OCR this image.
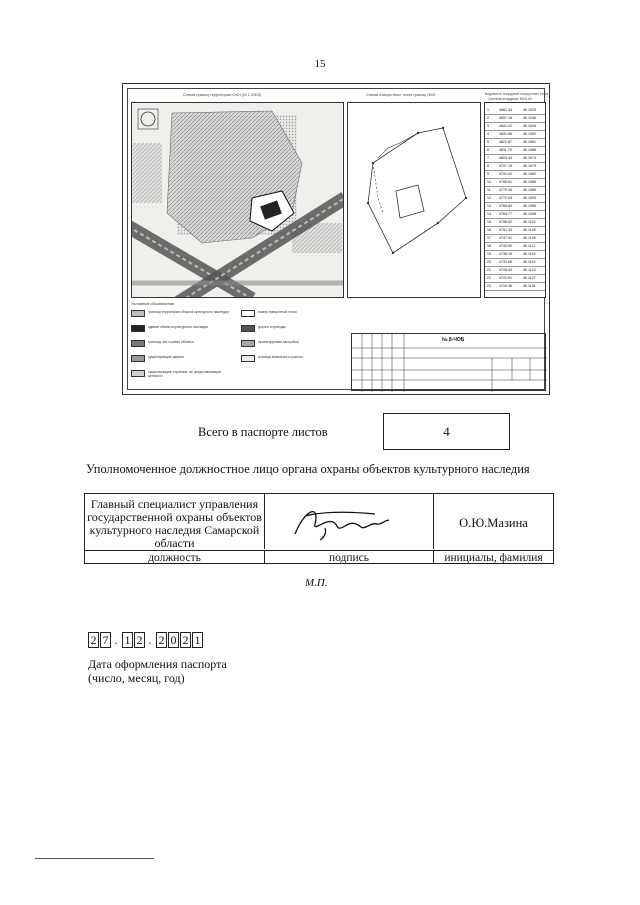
15
Схема границ территории ОКН (М 1:2000)	Схема поворотных точек границ ОКН	Ведомость координат поворотных точек
Система координат МСК-63
1	4861.34	46 1029
2	4857.16	46 1036
3	4841.02	46 1044
4	4831.96	46 1052
5	4822.87	46 1061
6	4811.70	46 1068
7	4803.44	46 1074
8	4797.15	46 1079
9	4791.02	46 1082
10 4785.61	46 1085
11 4779.25	46 1089
12 4772.03	46 1093
13 4768.84	46 1096
14 4763.77	46 1098
15 4758.02	46 1102
16 4751.33	46 1105
17 4747.91	46 1109
18 4742.50	46 1112
19 4738.19	46 1115
20 4733.06	46 1119
21 4728.44	46 1123
22 4722.91	46 1127
23 4719.36	46 1131
Условные обозначения
граница территории объекта культурного наследия
здание объекта культурного наследия
границы зон охраны объекта
существующие здания
существующие строения, не представляющие ценности
номер поворотной точки
дороги и проезды
проектируемая застройка
граница земельного участка
№ 8-ЧОБ
Всего в паспорте листов	4
Уполномоченное должностное лицо органа охраны объектов культурного наследия
Главный специалист управления государственной охраны объектов культурного наследия Самарской области
О.Ю.Мазина
должность	подпись	инициалы, фамилия
М.П.
2 7 . 1 2 . 2 0 2 1
Дата оформления паспорта
(число, месяц, год)
